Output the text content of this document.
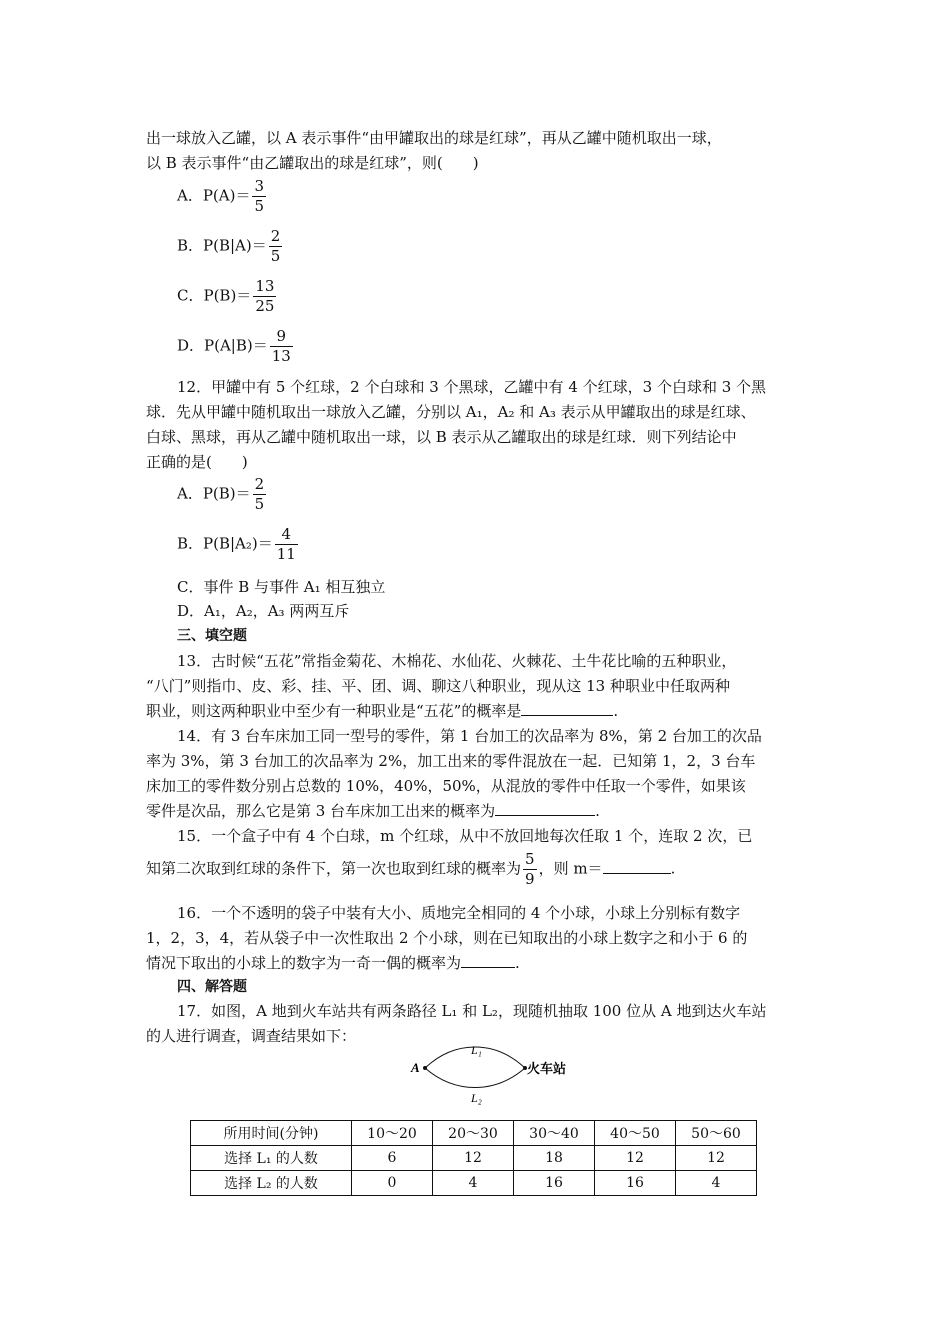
出一球放入乙罐，以 A 表示事件“由甲罐取出的球是红球”，再从乙罐中随机取出一球，
以 B 表示事件“由乙罐取出的球是红球”，则(　　)
A．$P(A)= \frac{3}{5}$
B．$P(B|A)= \frac{2}{5}$
C．$P(B)= \frac{13}{25}$
D．$P(A|B)= \frac{9}{13}$
12．甲罐中有 5 个红球，2 个白球和 3 个黑球，乙罐中有 4 个红球，3 个白球和 3 个黑
球．先从甲罐中随机取出一球放入乙罐，分别以 A₁，A₂ 和 A₃ 表示从甲罐取出的球是红球、
白球、黑球，再从乙罐中随机取出一球，以 B 表示从乙罐取出的球是红球．则下列结论中
正确的是(　　)
A．$P(B)= \frac{2}{5}$
B．$P(B|A_2)= \frac{4}{11}$
C．事件 B 与事件 A₁ 相互独立
D．A₁，A₂，A₃ 两两互斥
三、填空题
13．古时候“五花”常指金菊花、木棉花、水仙花、火棘花、土牛花比喻的五种职业，
“八门”则指巾、皮、彩、挂、平、团、调、聊这八种职业，现从这 13 种职业中任取两种
职业，则这两种职业中至少有一种职业是“五花”的概率是	.
14．有 3 台车床加工同一型号的零件，第 1 台加工的次品率为 8%，第 2 台加工的次品
率为 3%，第 3 台加工的次品率为 2%，加工出来的零件混放在一起．已知第 1，2，3 台车
床加工的零件数分别占总数的 10%，40%，50%，从混放的零件中任取一个零件，如果该
零件是次品，那么它是第 3 台车床加工出来的概率为	.
15．一个盒子中有 4 个白球，m 个红球，从中不放回地每次任取 1 个，连取 2 次，已
知第二次取到红球的条件下，第一次也取到红球的概率为 $\frac{5}{9}$ ，则 m＝	.
16．一个不透明的袋子中装有大小、质地完全相同的 4 个小球，小球上分别标有数字
1，2，3，4，若从袋子中一次性取出 2 个小球，则在已知取出的小球上数字之和小于 6 的
情况下取出的小球上的数字为一奇一偶的概率为	.
四、解答题
17．如图，A 地到火车站共有两条路径 L₁ 和 L₂，现随机抽取 100 位从 A 地到达火车站
的人进行调查，调查结果如下：
A	火车站
L₁
L₂
所用时间(分钟)	10～20	20～30	30～40	40～50	50～60
选择 L₁ 的人数	6	12	18	12	12
选择 L₂ 的人数	0	4	16	16	4
